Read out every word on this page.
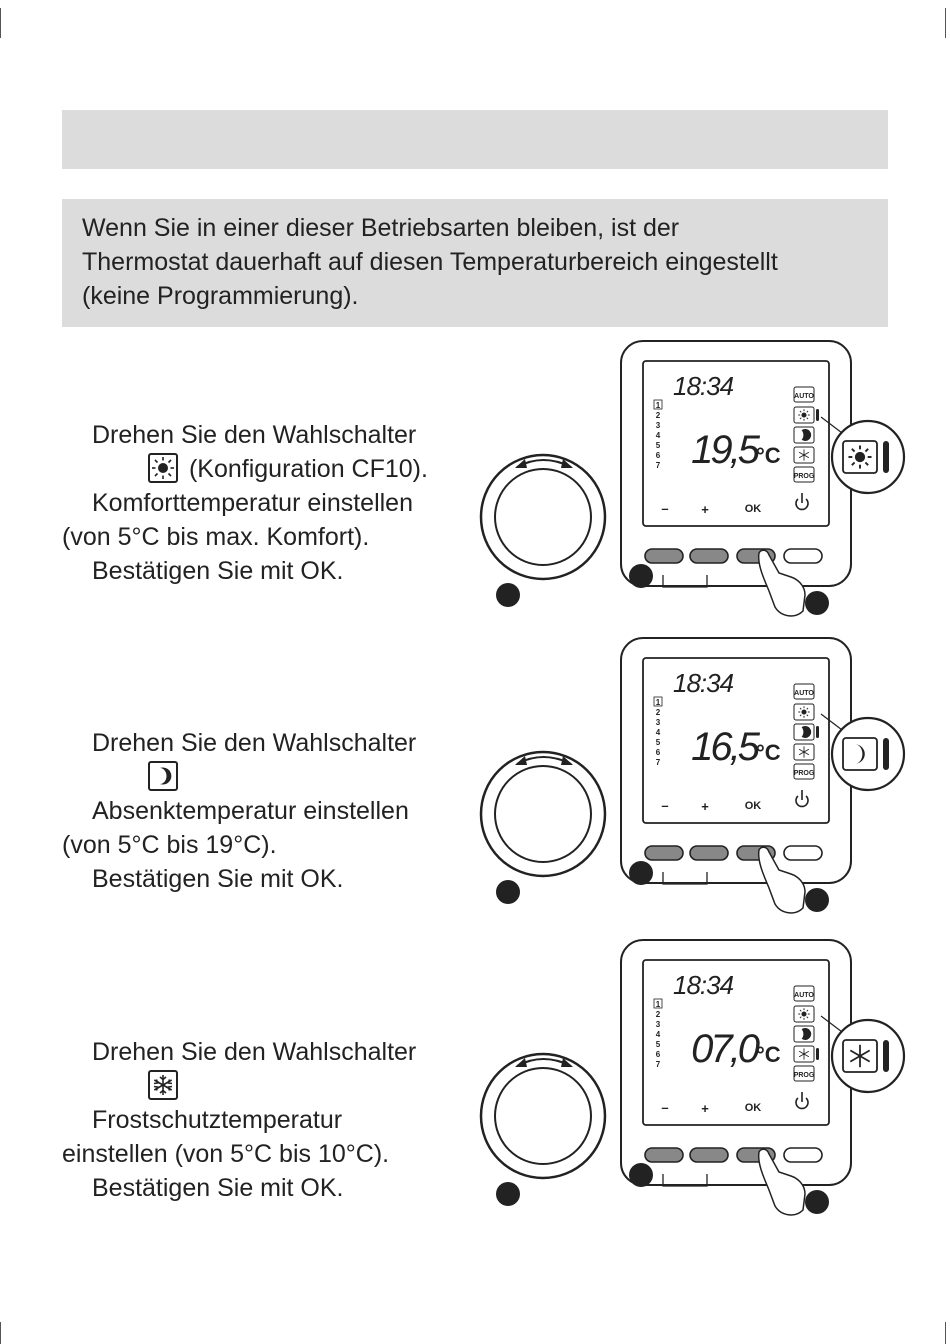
Wenn Sie in einer dieser Betriebsarten bleiben, ist der

Thermostat dauerhaft auf diesen Temperaturbereich eingestellt

(keine Programmierung).

Drehen Sie den Wahlschalter
(Konfiguration CF10).
Komforttemperatur einstellen
(von 5°C bis max. Komfort).
Bestätigen Sie mit OK.
Drehen Sie den Wahlschalter
Absenktemperatur einstellen
(von 5°C bis 19°C).
Bestätigen Sie mit OK.
Drehen Sie den Wahlschalter
Frostschutztemperatur
einstellen (von 5°C bis 10°C).
Bestätigen Sie mit OK.
18:34
1
2
3
4
5
6
7 19,5 °C
AUTO
PROG
–	+	OK
18:34
1
2
3
4
5
6
7 16,5 °C
AUTO
PROG
–	+	OK
18:34
1
2
3
4
5
6
7 07,0 °C
AUTO
PROG
–	+	OK
